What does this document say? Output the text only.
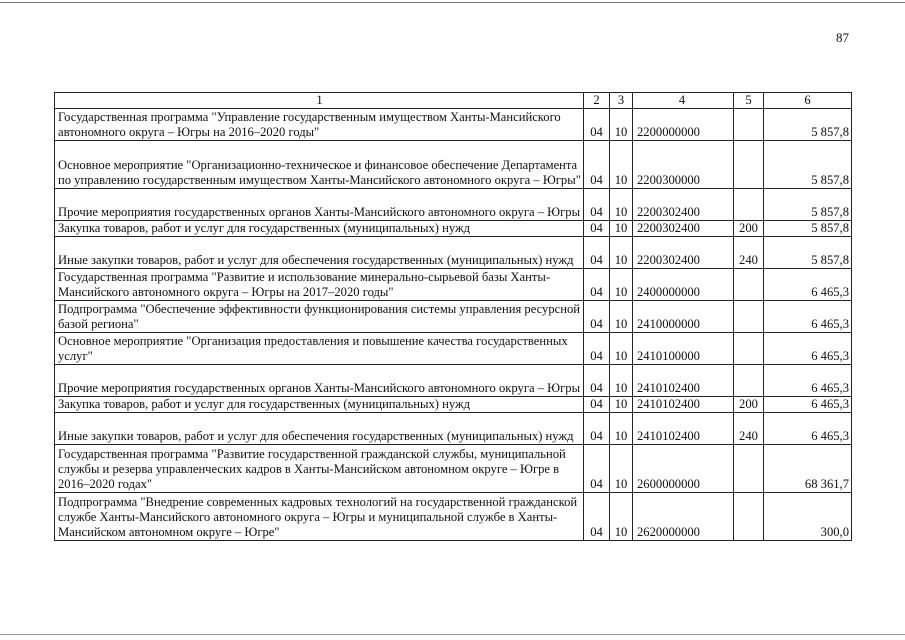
87
1	2	3	4	5	6
Государственная программа "Управление государственным имуществом Ханты-Мансийского автономного округа – Югры на 2016–2020 годы"	04	10	2200000000		5 857,8
Основное мероприятие "Организационно-техническое и финансовое обеспечение Департамента по управлению государственным имуществом Ханты-Мансийского автономного округа – Югры"	04	10	2200300000		5 857,8
Прочие мероприятия государственных органов Ханты-Мансийского автономного округа – Югры	04	10	2200302400		5 857,8
Закупка товаров, работ и услуг для государственных (муниципальных) нужд	04	10	2200302400	200	5 857,8
Иные закупки товаров, работ и услуг для обеспечения государственных (муниципальных) нужд	04	10	2200302400	240	5 857,8
Государственная программа "Развитие и использование минерально-сырьевой базы Ханты-Мансийского автономного округа – Югры на 2017–2020 годы"	04	10	2400000000		6 465,3
Подпрограмма "Обеспечение эффективности функционирования системы управления ресурсной базой региона"	04	10	2410000000		6 465,3
Основное мероприятие "Организация предоставления и повышение качества государственных услуг"	04	10	2410100000		6 465,3
Прочие мероприятия государственных органов Ханты-Мансийского автономного округа – Югры	04	10	2410102400		6 465,3
Закупка товаров, работ и услуг для государственных (муниципальных) нужд	04	10	2410102400	200	6 465,3
Иные закупки товаров, работ и услуг для обеспечения государственных (муниципальных) нужд	04	10	2410102400	240	6 465,3
Государственная программа "Развитие государственной гражданской службы, муниципальной службы и резерва управленческих кадров в Ханты-Мансийском автономном округе – Югре в 2016–2020 годах"	04	10	2600000000		68 361,7
Подпрограмма "Внедрение современных кадровых технологий на государственной гражданской службе Ханты-Мансийского автономного округа – Югры и муниципальной службе в Ханты-Мансийском автономном округе – Югре"	04	10	2620000000		300,0
